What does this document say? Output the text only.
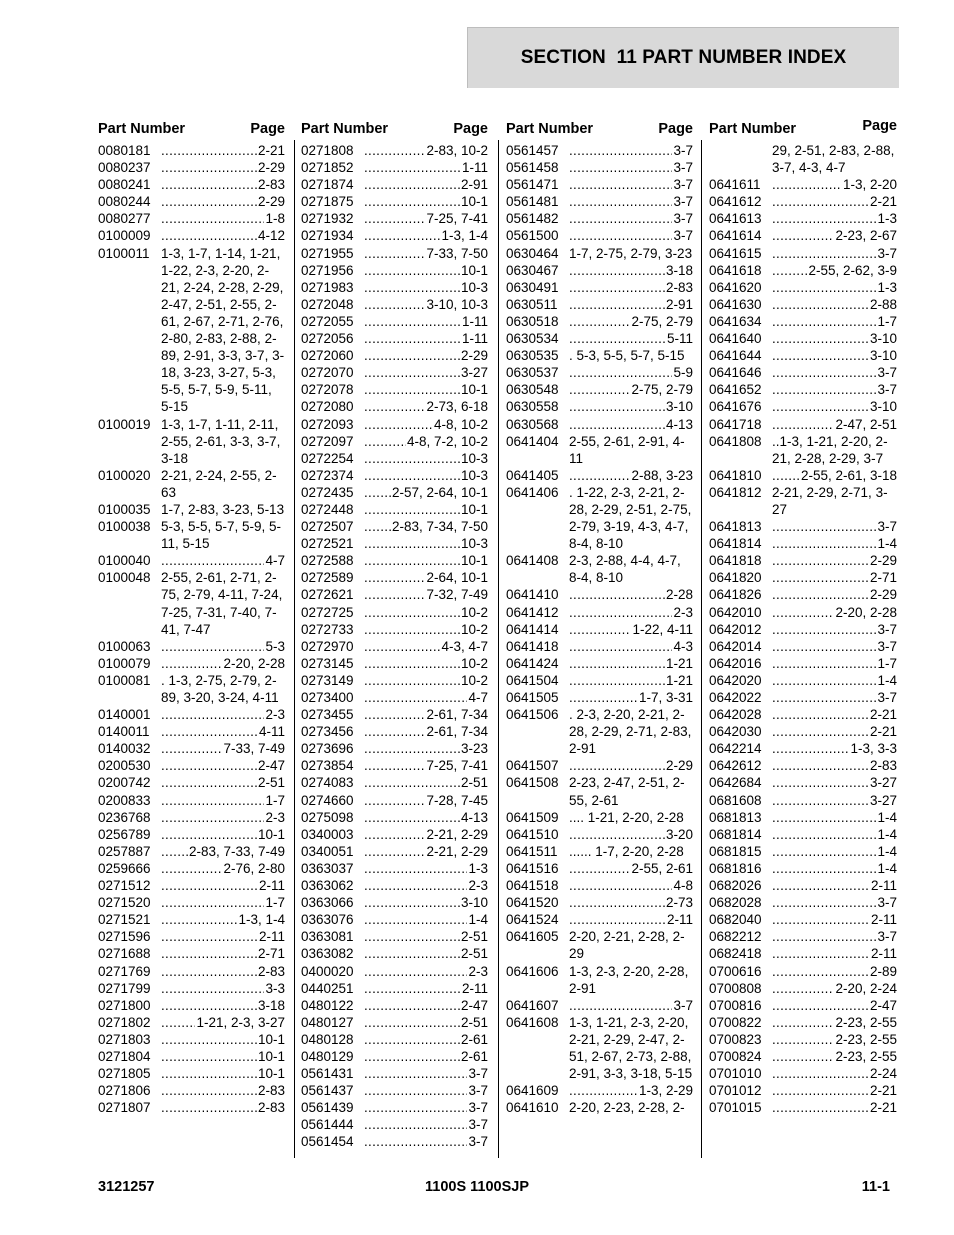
SECTION  11 PART NUMBER INDEX
Part Number	Page
0080181 .....	2-21
0080237 .....	2-29
0080241 .....	2-83
0080244 .....	2-29
0080277 .....	1-8
0100009 .....	4-12
0100011 1-3, 1-7, 1-14, 1-21, 1-22, 2-3, 2-20, 2-21, 2-24, 2-28, 2-29, 2-47, 2-51, 2-55, 2-61, 2-67, 2-71, 2-76, 2-80, 2-83, 2-88, 2-89, 2-91, 3-3, 3-7, 3-18, 3-23, 3-27, 5-3, 5-5, 5-7, 5-9, 5-11, 5-15
0100019 1-3, 1-7, 1-11, 2-11, 2-55, 2-61, 3-3, 3-7, 3-18
0100020 2-21, 2-24, 2-55, 2-63
0100035 1-7, 2-83, 3-23, 5-13
0100038 5-3, 5-5, 5-7, 5-9, 5-11, 5-15
0100040 .....	4-7
0100048 2-55, 2-61, 2-71, 2-75, 2-79, 4-11, 7-24, 7-25, 7-31, 7-40, 7-41, 7-47
0100063 .....	5-3
0100079 .....	2-20, 2-28
0100081 . 1-3, 2-75, 2-79, 2-89, 3-20, 3-24, 4-11
0140001 .....	2-3
0140011 .....	4-11
0140032 .....	7-33, 7-49
0200530 .....	2-47
0200742 .....	2-51
0200833 .....	1-7
0236768 .....	2-3
0256789 .....	10-1
0257887 .....	2-83, 7-33, 7-49
0259666 .....	2-76, 2-80
0271512 .....	2-11
0271520 .....	1-7
0271521 .....	1-3, 1-4
0271596 .....	2-11
0271688 .....	2-71
0271769 .....	2-83
0271799 .....	3-3
0271800 .....	3-18
0271802 .....	1-21, 2-3, 3-27
0271803 .....	10-1
0271804 .....	10-1
0271805 .....	10-1
0271806 .....	2-83
0271807 .....	2-83
Part Number	Page
0271808 .....	2-83, 10-2
0271852 .....	1-11
0271874 .....	2-91
0271875 .....	10-1
0271932 .....	7-25, 7-41
0271934 .....	1-3, 1-4
0271955 .....	7-33, 7-50
0271956 .....	10-1
0271983 .....	10-3
0272048 .....	3-10, 10-3
0272055 .....	1-11
0272056 .....	1-11
0272060 .....	2-29
0272070 .....	3-27
0272078 .....	10-1
0272080 .....	2-73, 6-18
0272093 .....	4-8, 10-2
0272097 .....	4-8, 7-2, 10-2
0272254 .....	10-3
0272374 .....	10-3
0272435 .....	2-57, 2-64, 10-1
0272448 .....	10-1
0272507 .....	2-83, 7-34, 7-50
0272521 .....	10-3
0272588 .....	10-1
0272589 .....	2-64, 10-1
0272621 .....	7-32, 7-49
0272725 .....	10-2
0272733 .....	10-2
0272970 .....	4-3, 4-7
0273145 .....	10-2
0273149 .....	10-2
0273400 .....	4-7
0273455 .....	2-61, 7-34
0273456 .....	2-61, 7-34
0273696 .....	3-23
0273854 .....	7-25, 7-41
0274083 .....	2-51
0274660 .....	7-28, 7-45
0275098 .....	4-13
0340003 .....	2-21, 2-29
0340051 .....	2-21, 2-29
0363037 .....	1-3
0363062 .....	2-3
0363066 .....	3-10
0363076 .....	1-4
0363081 .....	2-51
0363082 .....	2-51
0400020 .....	2-3
0440251 .....	2-11
0480122 .....	2-47
0480127 .....	2-51
0480128 .....	2-61
0480129 .....	2-61
0561431 .....	3-7
0561437 .....	3-7
0561439 .....	3-7
0561444 .....	3-7
0561454 .....	3-7
Part Number	Page
0561457 .....	3-7
0561458 .....	3-7
0561471 .....	3-7
0561481 .....	3-7
0561482 .....	3-7
0561500 .....	3-7
0630464 1-7, 2-75, 2-79, 3-23
0630467 .....	3-18
0630491 .....	2-83
0630511 .....	2-91
0630518 .....	2-75, 2-79
0630534 .....	5-11
0630535 . 5-3, 5-5, 5-7, 5-15
0630537 .....	5-9
0630548 .....	2-75, 2-79
0630558 .....	3-10
0630568 .....	4-13
0641404 2-55, 2-61, 2-91, 4-11
0641405 .....	2-88, 3-23
0641406 . 1-22, 2-3, 2-21, 2-28, 2-29, 2-51, 2-75, 2-79, 3-19, 4-3, 4-7, 8-4, 8-10
0641408 2-3, 2-88, 4-4, 4-7, 8-4, 8-10
0641410 .....	2-28
0641412 .....	2-3
0641414 .....	1-22, 4-11
0641418 .....	4-3
0641424 .....	1-21
0641504 .....	1-21
0641505 .....	1-7, 3-31
0641506 . 2-3, 2-20, 2-21, 2-28, 2-29, 2-71, 2-83, 2-91
0641507 .....	2-29
0641508 2-23, 2-47, 2-51, 2-55, 2-61
0641509 .... 1-21, 2-20, 2-28
0641510 .....	3-20
0641511 ...... 1-7, 2-20, 2-28
0641516 .....	2-55, 2-61
0641518 .....	4-8
0641520 .....	2-73
0641524 .....	2-11
0641605 2-20, 2-21, 2-28, 2-29
0641606 1-3, 2-3, 2-20, 2-28, 2-91
0641607 .....	3-7
0641608 1-3, 1-21, 2-3, 2-20, 2-21, 2-29, 2-47, 2-51, 2-67, 2-73, 2-88, 2-91, 3-3, 3-18, 5-15
0641609 .....	1-3, 2-29
0641610 2-20, 2-23, 2-28, 2-
Part Number	Page
29, 2-51, 2-83, 2-88, 3-7, 4-3, 4-7
0641611 .....	1-3, 2-20
0641612 .....	2-21
0641613 .....	1-3
0641614 .....	2-23, 2-67
0641615 .....	3-7
0641618 .....	2-55, 2-62, 3-9
0641620 .....	1-3
0641630 .....	2-88
0641634 .....	1-7
0641640 .....	3-10
0641644 .....	3-10
0641646 .....	3-7
0641652 .....	3-7
0641676 .....	3-10
0641718 .....	2-47, 2-51
0641808 ..1-3, 1-21, 2-20, 2-21, 2-28, 2-29, 3-7
0641810 .....	2-55, 2-61, 3-18
0641812 2-21, 2-29, 2-71, 3-27
0641813 .....	3-7
0641814 .....	1-4
0641818 .....	2-29
0641820 .....	2-71
0641826 .....	2-29
0642010 .....	2-20, 2-28
0642012 .....	3-7
0642014 .....	3-7
0642016 .....	1-7
0642020 .....	1-4
0642022 .....	3-7
0642028 .....	2-21
0642030 .....	2-21
0642214 .....	1-3, 3-3
0642612 .....	2-83
0642684 .....	3-27
0681608 .....	3-27
0681813 .....	1-4
0681814 .....	1-4
0681815 .....	1-4
0681816 .....	1-4
0682026 .....	2-11
0682028 .....	3-7
0682040 .....	2-11
0682212 .....	3-7
0682418 .....	2-11
0700616 .....	2-89
0700808 .....	2-20, 2-24
0700816 .....	2-47
0700822 .....	2-23, 2-55
0700823 .....	2-23, 2-55
0700824 .....	2-23, 2-55
0701010 .....	2-24
0701012 .....	2-21
0701015 .....	2-21
3121257	1100S 1100SJP	11-1
